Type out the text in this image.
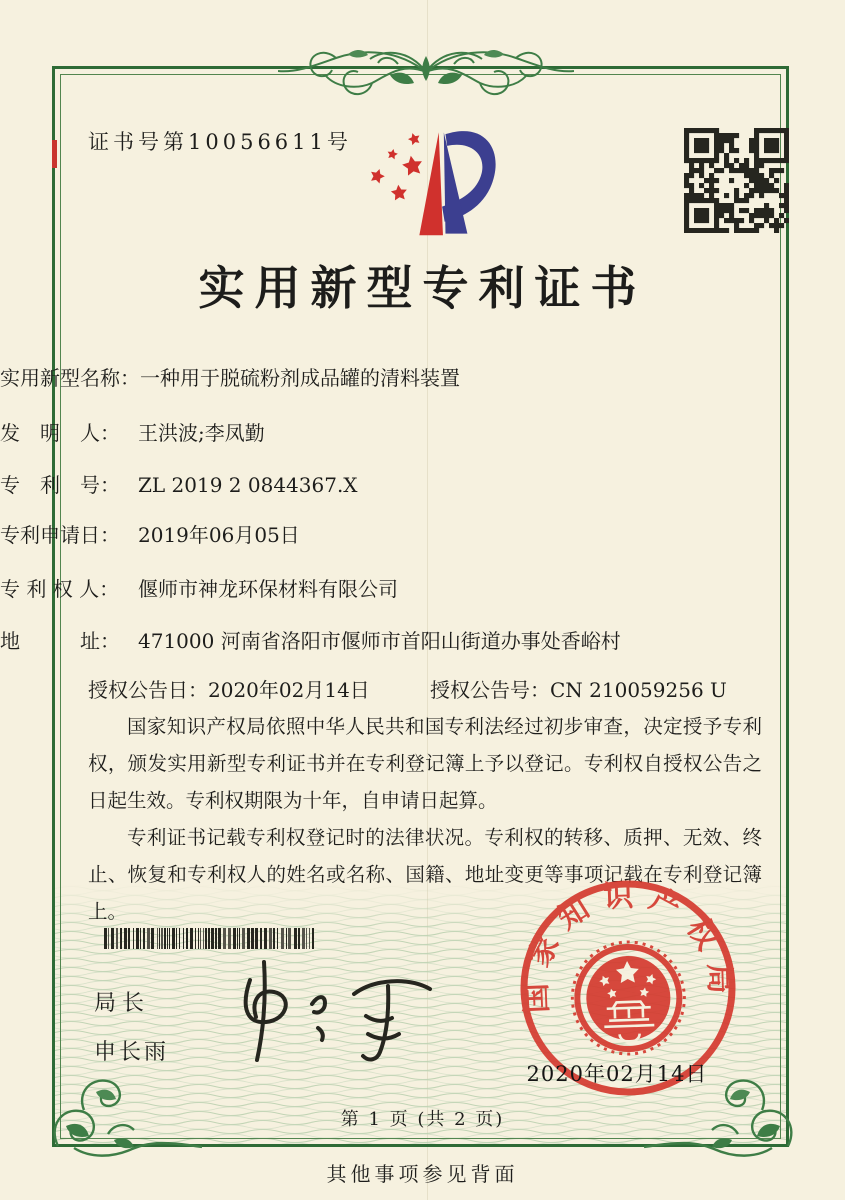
证书号第10056611号
实用新型专利证书
实用新型名称：一种用于脱硫粉剂成品罐的清料装置
发　明　人： 王洪波;李凤勤
专　利　号： ZL 2019 2 0844367.X
专利申请日： 2019年06月05日
专 利 权 人： 偃师市神龙环保材料有限公司
地　　　址： 471000 河南省洛阳市偃师市首阳山街道办事处香峪村
授权公告日：2020年02月14日	授权公告号：CN 210059256 U

国家知识产权局依照中华人民共和国专利法经过初步审查，决定授予专利权，颁发实用新型专利证书并在专利登记簿上予以登记。专利权自授权公告之日起生效。专利权期限为十年，自申请日起算。

专利证书记载专利权登记时的法律状况。专利权的转移、质押、无效、终止、恢复和专利权人的姓名或名称、国籍、地址变更等事项记载在专利登记簿上。

局长
申长雨
国家知识产权局
2020年02月14日
第 1 页 (共 2 页)
其他事项参见背面
